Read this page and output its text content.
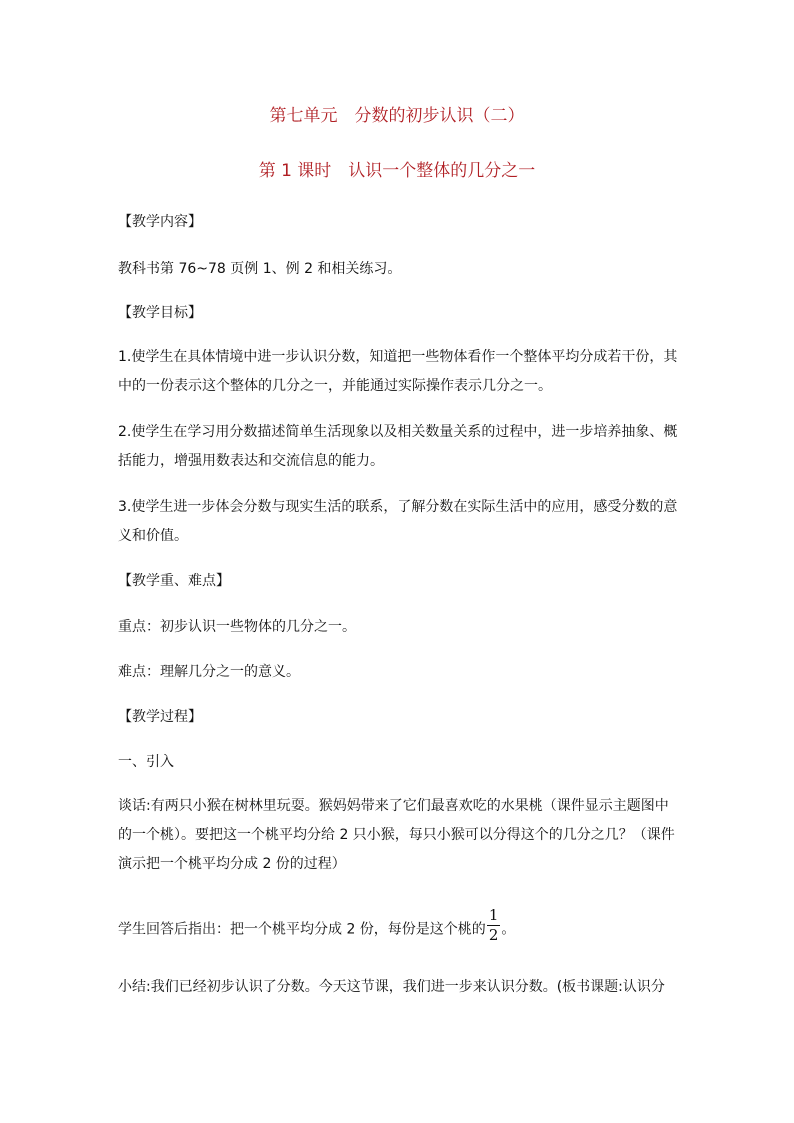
第七单元　分数的初步认识（二）
第 1 课时　认识一个整体的几分之一
【教学内容】
教科书第 76~78 页例 1、例 2 和相关练习。
【教学目标】
1.使学生在具体情境中进一步认识分数，知道把一些物体看作一个整体平均分成若干份，其
中的一份表示这个整体的几分之一，并能通过实际操作表示几分之一。
2.使学生在学习用分数描述简单生活现象以及相关数量关系的过程中，进一步培养抽象、概
括能力，增强用数表达和交流信息的能力。
3.使学生进一步体会分数与现实生活的联系，了解分数在实际生活中的应用，感受分数的意
义和价值。
【教学重、难点】
重点：初步认识一些物体的几分之一。
难点：理解几分之一的意义。
【教学过程】
一、引入
谈话:有两只小猴在树林里玩耍。猴妈妈带来了它们最喜欢吃的水果桃（课件显示主题图中
的一个桃）。要把这一个桃平均分给 2 只小猴，每只小猴可以分得这个的几分之几？（课件
演示把一个桃平均分成 2 份的过程）
学生回答后指出：把一个桃平均分成 2 份，每份是这个桃的 $\frac{1}{2}$ 。
小结:我们已经初步认识了分数。今天这节课，我们进一步来认识分数。(板书课题:认识分
